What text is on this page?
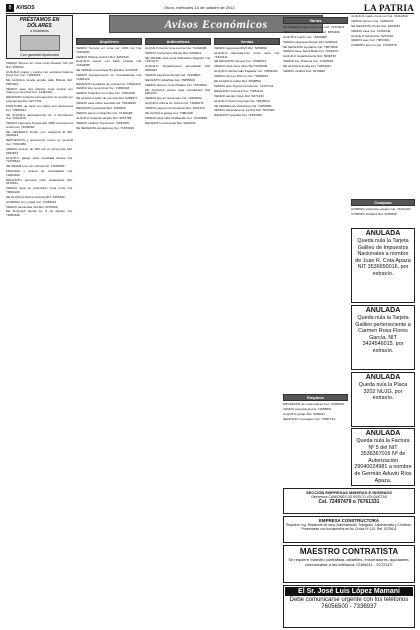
8 AVISOS	Oruro, miércoles 10 de octubre de 2012	LA PATRIA
Avisos Económicos
PRÉSTAMOS EN
DÓLARES
o bolivianos
Con garantía hipotecaria
VENDO Terreno en zona norte Rosario 700 m2 Ref. 5251111
ALQUILO cuarto y cocina con servicios básicos Zona Sur. Cel. 71843215
SE ALQUILA tienda amplia calle Bolívar Ref. 5254422
VENDO casa dos plantas zona central con todos los servicios Cel. 72484410
NECESITO señorita para atención de tienda con experiencia Ref. 5277701
MONTAJES de feria con todos sus accesorios Cel. 73800914
SE ALQUILA departamento de 3 dormitorios Cel. 72441178
VENDO vagoneta Toyota año 2005 documentos al día Cel. 71195082
SE NECESITA chofer con categoría B Ref. 5249021
REPUESTOS y accesorios motos en general Cel. 70310066
VENDO terreno de 300 m2 en zona este Ref. 5254813
ALQUILO garaje para movilidad liviana Cel. 72476544
SE VENDE lote con minuta Cel. 71856009
FRANJAS y pintura de movilidades Cel. 72484100
NECESITO personal para restaurante Ref. 5276631
VENDO casa en anticrético zona norte Cel. 73831200
SE ALQUILA oficina céntrica Ref. 5255400
COMPRO oro y plata Cel. 72455013
VENDO camioneta 4x4 Ref. 5270099
SE ALQUILA tienda Av. 6 de Agosto Cel. 71883320
Alquileres
VENDO Terreno en zona sur 1200 m2 Cel. 72464491
VENDO Oficina céntrica Ref. 5252240
ALQUILO cuarto con baño privado Cel. 71840055
SE VENDE motocicleta Honda Ref. 5273345
VENDO Departamento en Cochabamba Cel. 72481122
NECESITO ayudante de cocina Cel. 73822418
VENDO lote zona Vinto Cel. 71860043
VENDO Colectivo con línea Cel. 72451109
SE ALQUILA salón de eventos Ref. 5256677
VENDO casa sobre avenida Cel. 71849908
NECESITO secretaria Ref. 5259930
VENDO terreno Caracollo Cel. 72491188
ALQUILO depósito amplio Ref. 5257788
VENDO minibús Toyota Cel. 73811520
SE NECESITA vendedores Cel. 71870024
Anticréticos
ALQUILO tienda zona central Cel. 72410098
VENDO Camioneta Nissan Ref. 5269911
SE VENDE casa zona Sebastián Pagador Cel. 71812277
ALQUILO departamento amueblado Ref. 5250043
VENDO vagoneta Suzuki Cel. 72438821
NECESITO albañiles Cel. 73855002
VENDO terreno zona Huajara Cel. 71878810
SE ALQUILA cuarto para estudiantes Ref. 5264411
VENDO lote en Socamani Cel. 72466030
ALQUILO oficina Av. Cívica Cel. 71890076
VENDO negocio funcionando Ref. 5261123
SE ALQUILA garaje Cel. 73801290
VENDO casa Villa Challacollo Cel. 72418830
NECESITO costureras Ref. 5262234
Ventas
VENDO vagoneta RAV4 Ref. 5258890
ALQUILO departamento zona norte Cel. 71833441
SE NECESITA mesera Cel. 72499012
VENDO casa zona Vinto Ref. 5263345
ALQUILO tienda calle Pagador Cel. 73864400
VENDO terreno 450 m2 Cel. 71880033
SE ALQUILA cuarto Ref. 5268890
VENDO auto Toyota Corolla Cel. 72427701
NECESITO cocinera Cel. 71851122
VENDO camión Volvo Ref. 5271103
ALQUILO local comercial Cel. 73846612
SE VENDE lote Vichuloma Cel. 72459981
VENDO departamento La Paz Ref. 5253301
NECESITO guardia Cel. 71823340
Varios
SE ALQUILA casa zona norte Cel. 72470011
VENDO terreno La Aduana Ref. 5254490
ALQUILO cuarto Cel. 71866690
VENDO vagoneta Nissan Ref. 5265544
SE NECESITA ayudante Cel. 73870009
VENDO casa Tierra Bella Cel. 72440077
ALQUILO departamento Ref. 5266678
VENDO lote Huanuni Cel. 71815543
SE ALQUILA tienda Cel. 72403321
VENDO minibús Ref. 5278800
Empleos
PROFESOR de matemáticas Cel. 72489900
VENDO motocicleta Cel. 71858801
ALQUILO garaje Ref. 5260011
NECESITO mensajero Cel. 73807712
ALQUILO cuarto zona sur Cel. 72412200
VENDO terreno Cel. 71891133
SE NECESITA chofer Ref. 5264433
VENDO casa Cel. 72433344
ALQUILO tienda Ref. 5272210
VENDO auto Cel. 73833321
COMPRO terreno Cel. 71843378
Compras
COMPRO vehículos usados Cel. 72421100
COMPRO chatarra Ref. 5250099
ANULADA
Queda nula la Tarjeta Galileo de Impuestos Nacionales a nombre de Juan R. Cota Apaza NIT 3536650016, por extravío.
ANULADA
Queda nula la Tarjeta Galileo perteneciente a Carmen Rosa Flores García, NIT 3424546015, por extravío.
ANULADA
Queda nula la Placa 3202 NUJG, por extravío.
ANULADA
Queda nula la Factura Nº 5 del NIT 3536367016 Nº de Autorización 29040024981 a nombre de Germán Aduviri Ríos Apaza.
SECCIÓN EMPRESAS MINERAS E INGENIOS
Ofrecemos CAMIONES DE ROSCO VOLQUETAS
Cel. 72497479 o 76761331
EMPRESA CONSTRUCTORA
Requiere: Ing. Residente de obra, Administrador, Topógrafo, Laboratorista y Choferes. Presentarse con documentos en Av. Cívica Nº 120. Ref. 5275611
MAESTRO CONTRATISTA
Se requiere maestro contratista, albañiles, encofradores, ayudantes; comunicarse a los teléfonos 72486111 - 5272312.
El Sr. José Luis López Mamani
Debe comunicarse urgente con los teléfonos 76056500 - 7336937
